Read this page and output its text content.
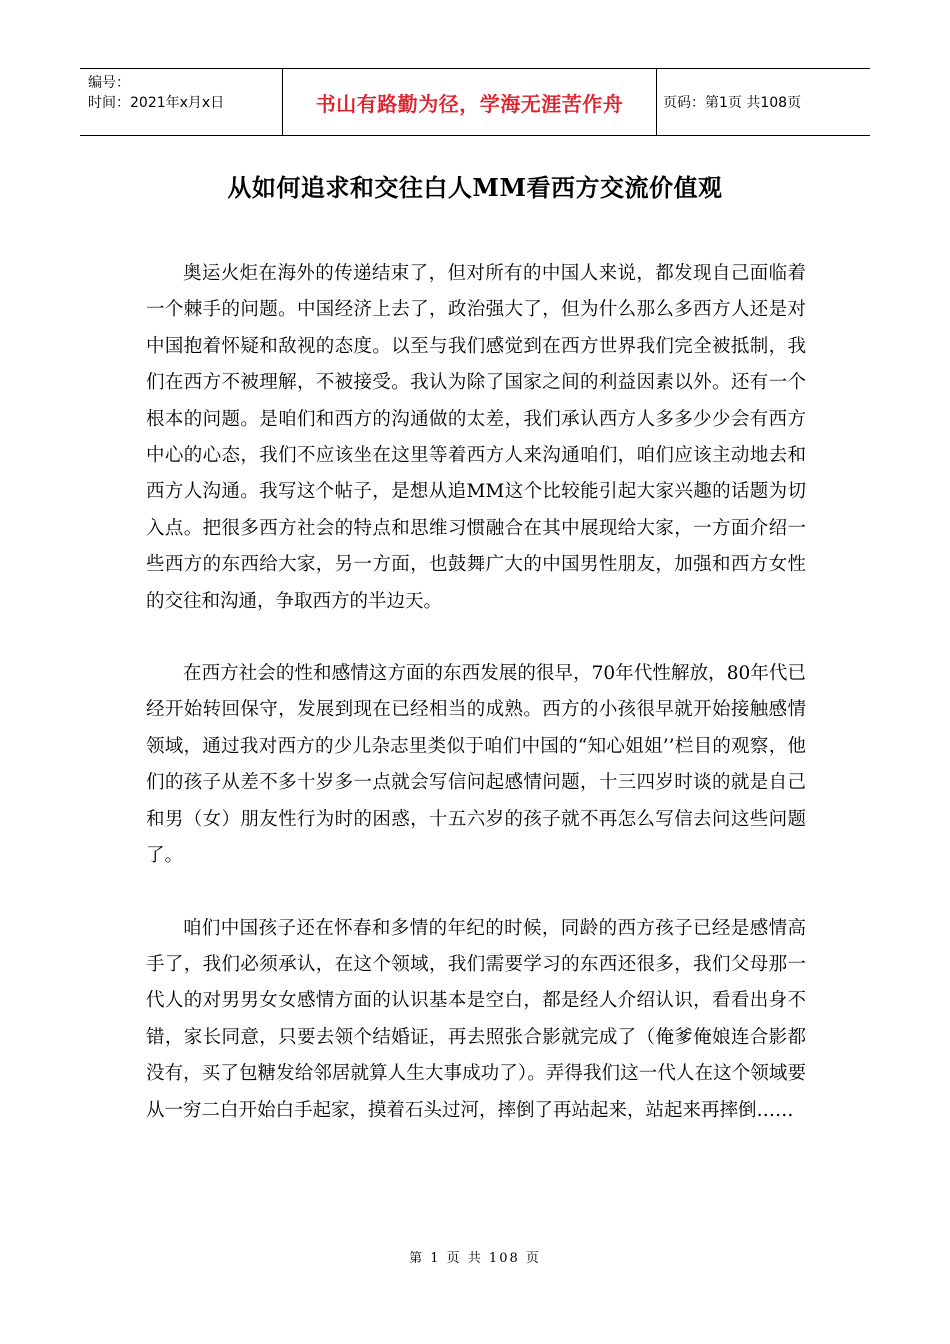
编号：
时间：2021年x月x日	书山有路勤为径，学海无涯苦作舟	页码：第1页 共108页
从如何追求和交往白人MM看西方交流价值观

奥运火炬在海外的传递结束了，但对所有的中国人来说，都发现自己面临着一个棘手的问题。中国经济上去了，政治强大了，但为什么那么多西方人还是对中国抱着怀疑和敌视的态度。以至与我们感觉到在西方世界我们完全被抵制，我们在西方不被理解，不被接受。我认为除了国家之间的利益因素以外。还有一个根本的问题。是咱们和西方的沟通做的太差，我们承认西方人多多少少会有西方中心的心态，我们不应该坐在这里等着西方人来沟通咱们，咱们应该主动地去和西方人沟通。我写这个帖子，是想从追MM这个比较能引起大家兴趣的话题为切入点。把很多西方社会的特点和思维习惯融合在其中展现给大家，一方面介绍一些西方的东西给大家，另一方面，也鼓舞广大的中国男性朋友，加强和西方女性的交往和沟通，争取西方的半边天。

在西方社会的性和感情这方面的东西发展的很早，70年代性解放，80年代已经开始转回保守，发展到现在已经相当的成熟。西方的小孩很早就开始接触感情领域，通过我对西方的少儿杂志里类似于咱们中国的“知心姐姐’’栏目的观察，他们的孩子从差不多十岁多一点就会写信问起感情问题，十三四岁时谈的就是自己和男（女）朋友性行为时的困惑，十五六岁的孩子就不再怎么写信去问这些问题了。

咱们中国孩子还在怀春和多情的年纪的时候，同龄的西方孩子已经是感情高手了，我们必须承认，在这个领域，我们需要学习的东西还很多，我们父母那一代人的对男男女女感情方面的认识基本是空白，都是经人介绍认识，看看出身不错，家长同意，只要去领个结婚证，再去照张合影就完成了（俺爹俺娘连合影都没有，买了包糖发给邻居就算人生大事成功了）。弄得我们这一代人在这个领域要从一穷二白开始白手起家，摸着石头过河，摔倒了再站起来，站起来再摔倒……

第 1 页 共 108 页
